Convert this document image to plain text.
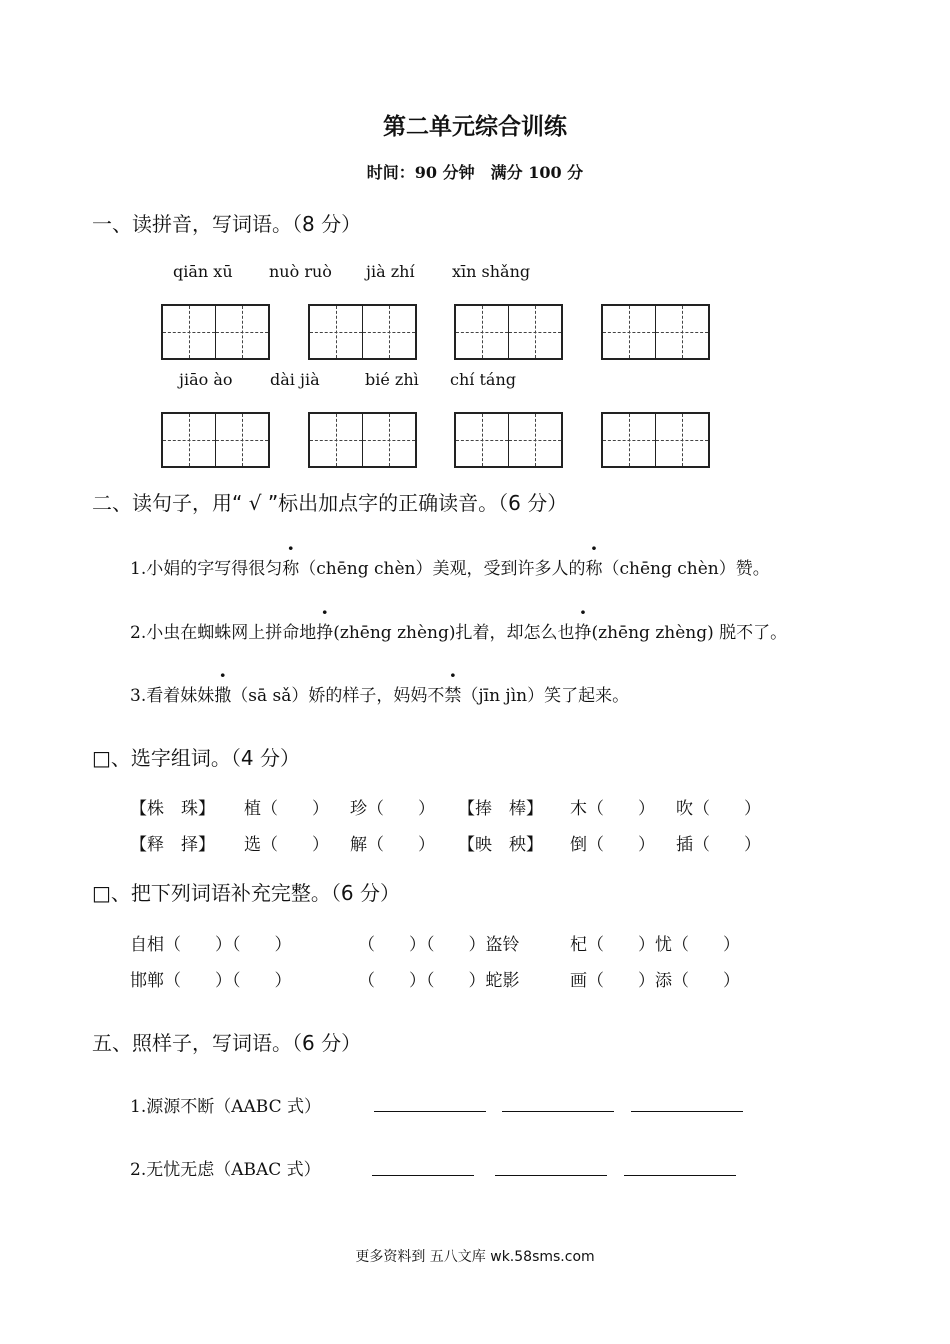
第二单元综合训练
时间：90 分钟　满分 100 分
一、读拼音，写词语。（8 分）
qiān xū nuò ruò jià zhí xīn shǎng
jiāo ào dài jià	bié zhì chí táng
二、读句子，用“ √ ”标出加点字的正确读音。（6 分）
1.小娟的字写得很匀称（chēng chèn）美观，受到许多人的称（chēng chèn）赞。
2.小虫在蜘蛛网上拼命地挣(zhēng zhèng)扎着，却怎么也挣(zhēng zhèng) 脱不了。
3.看着妹妹撒（sā sǎ）娇的样子，妈妈不禁（jīn jìn）笑了起来。
□、选字组词。（4 分）
【株　珠】 植（　　） 珍（　　） 【捧　棒】 木（　　） 吹（　　）
【释　择】 选（　　） 解（　　） 【映　秧】 倒（　　） 插（　　）
□、把下列词语补充完整。（6 分）
自相（　　）（　　）	（　　）（　　）盗铃	杞（　　）忧（　　）
邯郸（　　）（　　）	（　　）（　　）蛇影	画（　　）添（　　）
五、照样子，写词语。（6 分）
1.源源不断（AABC 式）
2.无忧无虑（ABAC 式）
更多资料到 五八文库 wk.58sms.com
